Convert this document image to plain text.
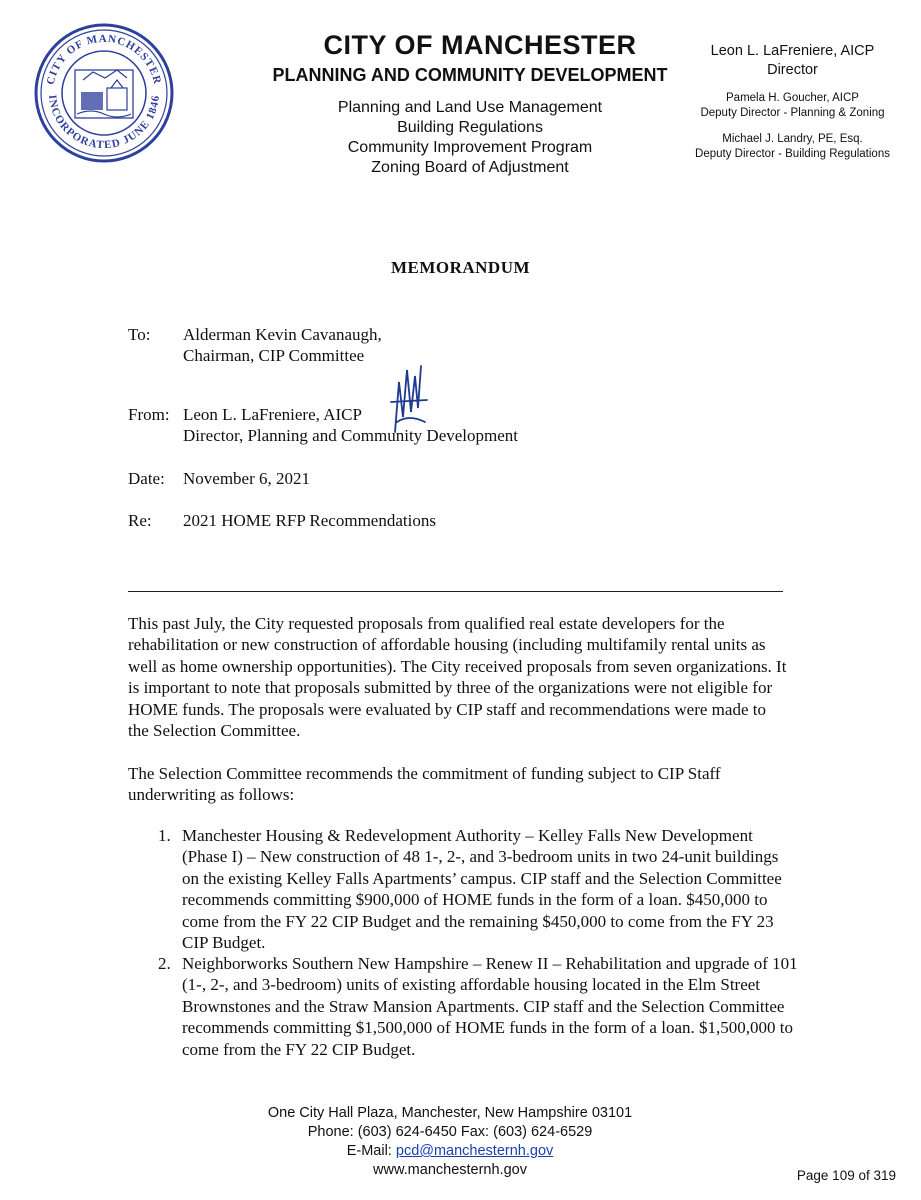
CITY OF MANCHESTER
INCORPORATED JUNE 1846
CITY OF MANCHESTER
PLANNING AND COMMUNITY DEVELOPMENT
Planning and Land Use Management
Building Regulations
Community Improvement Program
Zoning Board of Adjustment
Leon L. LaFreniere, AICP
Director
Pamela H. Goucher, AICP
Deputy Director - Planning & Zoning
Michael J. Landry, PE, Esq.
Deputy Director - Building Regulations
MEMORANDUM
To: Alderman Kevin Cavanaugh,
Chairman, CIP Committee
From: Leon L. LaFreniere, AICP
Director, Planning and Community Development
Date: November 6, 2021
Re: 2021 HOME RFP Recommendations
This past July, the City requested proposals from qualified real estate developers for the rehabilitation or new construction of affordable housing (including multifamily rental units as well as home ownership opportunities). The City received proposals from seven organizations. It is important to note that proposals submitted by three of the organizations were not eligible for HOME funds. The proposals were evaluated by CIP staff and recommendations were made to the Selection Committee.
The Selection Committee recommends the commitment of funding subject to CIP Staff underwriting as follows:
1. Manchester Housing & Redevelopment Authority – Kelley Falls New Development (Phase I) – New construction of 48 1-, 2-, and 3-bedroom units in two 24-unit buildings on the existing Kelley Falls Apartments’ campus. CIP staff and the Selection Committee recommends committing $900,000 of HOME funds in the form of a loan. $450,000 to come from the FY 22 CIP Budget and the remaining $450,000 to come from the FY 23 CIP Budget.
2. Neighborworks Southern New Hampshire – Renew II – Rehabilitation and upgrade of 101 (1-, 2-, and 3-bedroom) units of existing affordable housing located in the Elm Street Brownstones and the Straw Mansion Apartments. CIP staff and the Selection Committee recommends committing $1,500,000 of HOME funds in the form of a loan. $1,500,000 to come from the FY 22 CIP Budget.
One City Hall Plaza, Manchester, New Hampshire 03101
Phone: (603) 624-6450 Fax: (603) 624-6529
E-Mail: pcd@manchesternh.gov
www.manchesternh.gov	Page 109 of 319
